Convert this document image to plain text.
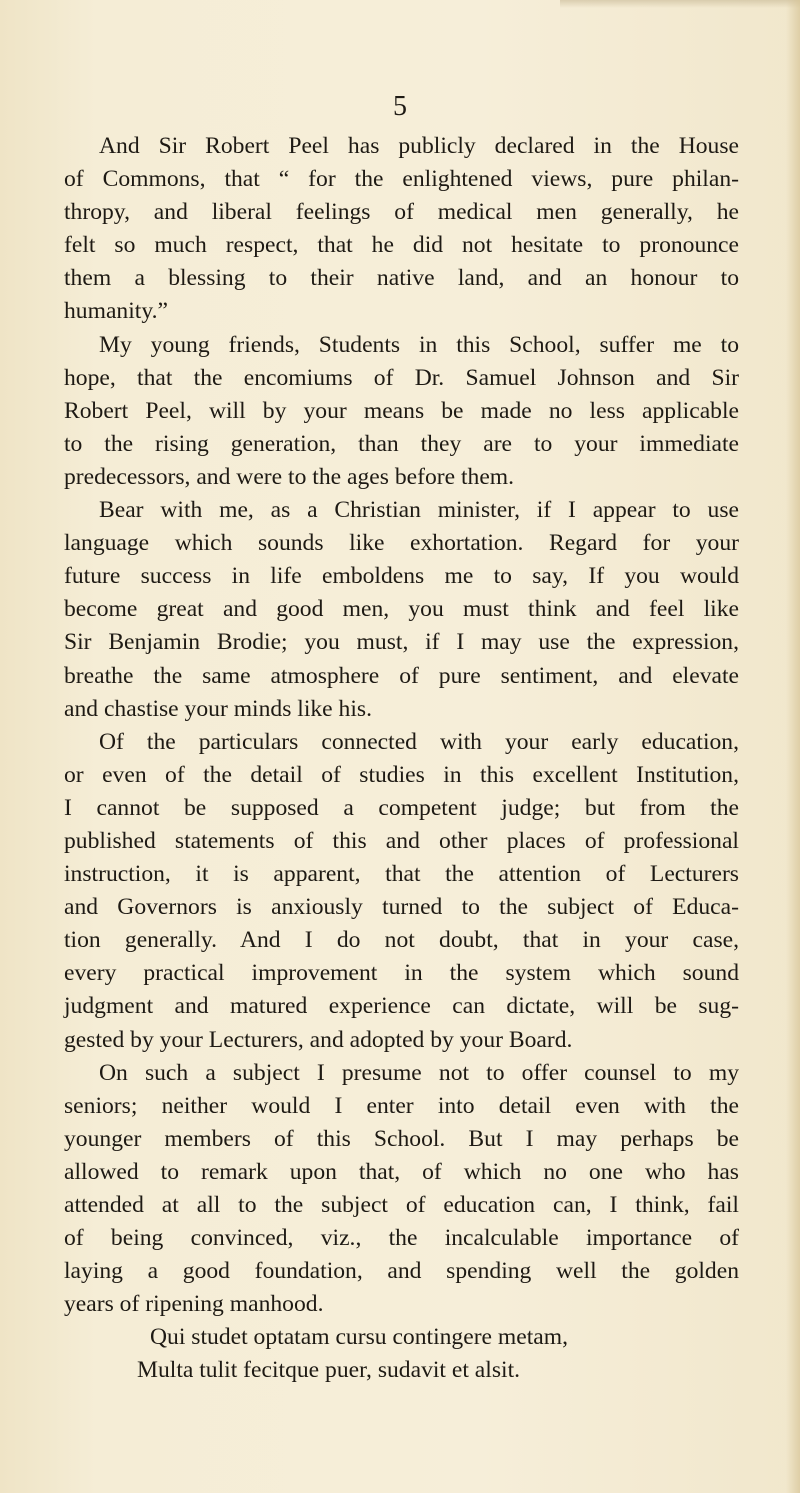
5
And Sir Robert Peel has publicly declared in the House
of Commons, that “ for the enlightened views, pure philan-
thropy, and liberal feelings of medical men generally, he
felt so much respect, that he did not hesitate to pronounce
them a blessing to their native land, and an honour to
humanity.”
My young friends, Students in this School, suffer me to
hope, that the encomiums of Dr. Samuel Johnson and Sir
Robert Peel, will by your means be made no less applicable
to the rising generation, than they are to your immediate
predecessors, and were to the ages before them.
Bear with me, as a Christian minister, if I appear to use
language which sounds like exhortation. Regard for your
future success in life emboldens me to say, If you would
become great and good men, you must think and feel like
Sir Benjamin Brodie; you must, if I may use the expression,
breathe the same atmosphere of pure sentiment, and elevate
and chastise your minds like his.
Of the particulars connected with your early education,
or even of the detail of studies in this excellent Institution,
I cannot be supposed a competent judge; but from the
published statements of this and other places of professional
instruction, it is apparent, that the attention of Lecturers
and Governors is anxiously turned to the subject of Educa-
tion generally. And I do not doubt, that in your case,
every practical improvement in the system which sound
judgment and matured experience can dictate, will be sug-
gested by your Lecturers, and adopted by your Board.
On such a subject I presume not to offer counsel to my
seniors; neither would I enter into detail even with the
younger members of this School. But I may perhaps be
allowed to remark upon that, of which no one who has
attended at all to the subject of education can, I think, fail
of being convinced, viz., the incalculable importance of
laying a good foundation, and spending well the golden
years of ripening manhood.
Qui studet optatam cursu contingere metam,
Multa tulit fecitque puer, sudavit et alsit.
